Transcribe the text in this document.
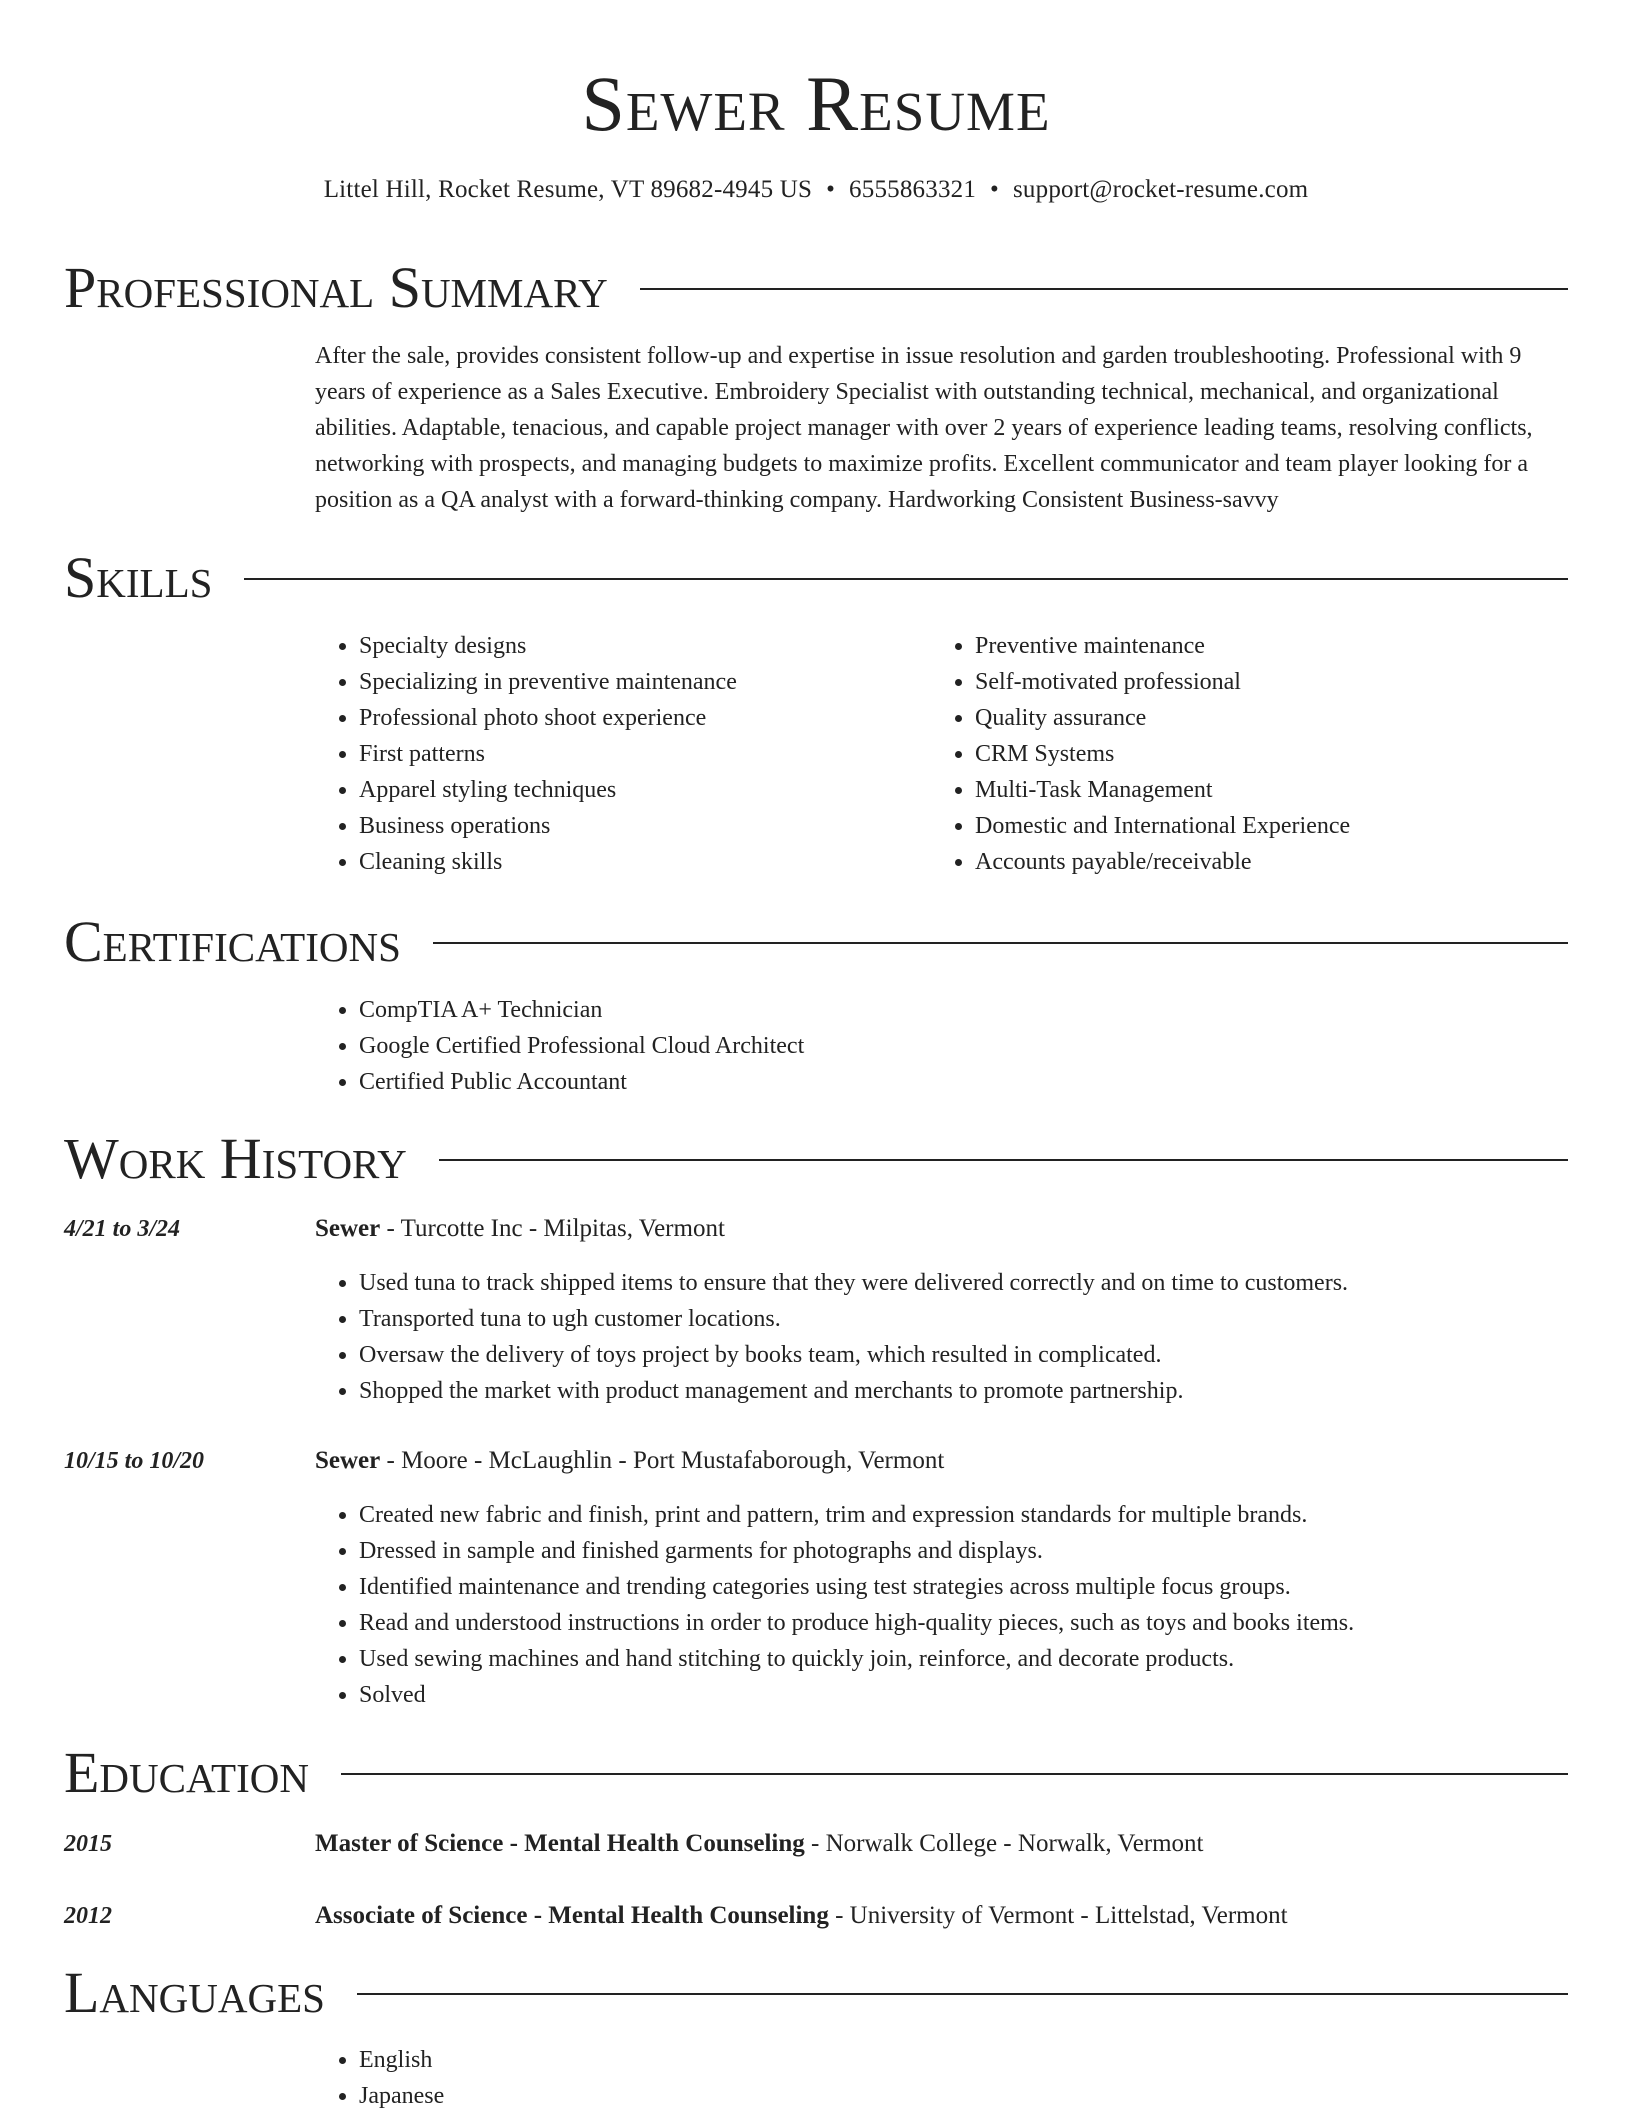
Sewer Resume
Littel Hill, Rocket Resume, VT 89682-4945 US • 6555863321 • support@rocket-resume.com
Professional Summary

After the sale, provides consistent follow-up and expertise in issue resolution and garden troubleshooting. Professional with 9 years of experience as a Sales Executive. Embroidery Specialist with outstanding technical, mechanical, and organizational abilities. Adaptable, tenacious, and capable project manager with over 2 years of experience leading teams, resolving conflicts, networking with prospects, and managing budgets to maximize profits. Excellent communicator and team player looking for a position as a QA analyst with a forward-thinking company. Hardworking Consistent Business-savvy

Skills
• Specialty designs
• Specializing in preventive maintenance
• Professional photo shoot experience
• First patterns
• Apparel styling techniques
• Business operations
• Cleaning skills
• Preventive maintenance
• Self-motivated professional
• Quality assurance
• CRM Systems
• Multi-Task Management
• Domestic and International Experience
• Accounts payable/receivable
Certifications
• CompTIA A+ Technician
• Google Certified Professional Cloud Architect
• Certified Public Accountant
Work History
4/21 to 3/24	Sewer - Turcotte Inc - Milpitas, Vermont
• Used tuna to track shipped items to ensure that they were delivered correctly and on time to customers.
• Transported tuna to ugh customer locations.
• Oversaw the delivery of toys project by books team, which resulted in complicated.
• Shopped the market with product management and merchants to promote partnership.
10/15 to 10/20	Sewer - Moore - McLaughlin - Port Mustafaborough, Vermont
• Created new fabric and finish, print and pattern, trim and expression standards for multiple brands.
• Dressed in sample and finished garments for photographs and displays.
• Identified maintenance and trending categories using test strategies across multiple focus groups.
• Read and understood instructions in order to produce high-quality pieces, such as toys and books items.
• Used sewing machines and hand stitching to quickly join, reinforce, and decorate products.
• Solved
Education
2015	Master of Science - Mental Health Counseling - Norwalk College - Norwalk, Vermont
2012	Associate of Science - Mental Health Counseling - University of Vermont - Littelstad, Vermont
Languages
• English
• Japanese
